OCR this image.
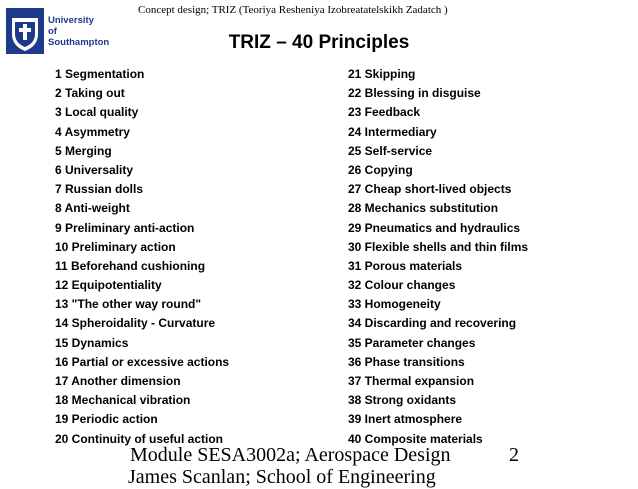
University
of Southampton
Concept design; TRIZ (Teoriya Resheniya Izobreatatelskikh Zadatch )
TRIZ – 40 Principles
1 Segmentation
2 Taking out
3 Local quality
4 Asymmetry
5 Merging
6 Universality
7 Russian dolls
8 Anti-weight
9 Preliminary anti-action
10 Preliminary action
11 Beforehand cushioning
12 Equipotentiality
13 "The other way round"
14 Spheroidality - Curvature
15 Dynamics
16 Partial or excessive actions
17 Another dimension
18 Mechanical vibration
19 Periodic action
20 Continuity of useful action
21 Skipping
22 Blessing in disguise
23 Feedback
24 Intermediary
25 Self-service
26 Copying
27 Cheap short-lived objects
28 Mechanics substitution
29 Pneumatics and hydraulics
30 Flexible shells and thin films
31 Porous materials
32 Colour changes
33 Homogeneity
34 Discarding and recovering
35 Parameter changes
36 Phase transitions
37 Thermal expansion
38 Strong oxidants
39 Inert atmosphere
40 Composite materials
Module SESA3002a; Aerospace Design	2
James Scanlan; School of Engineering
